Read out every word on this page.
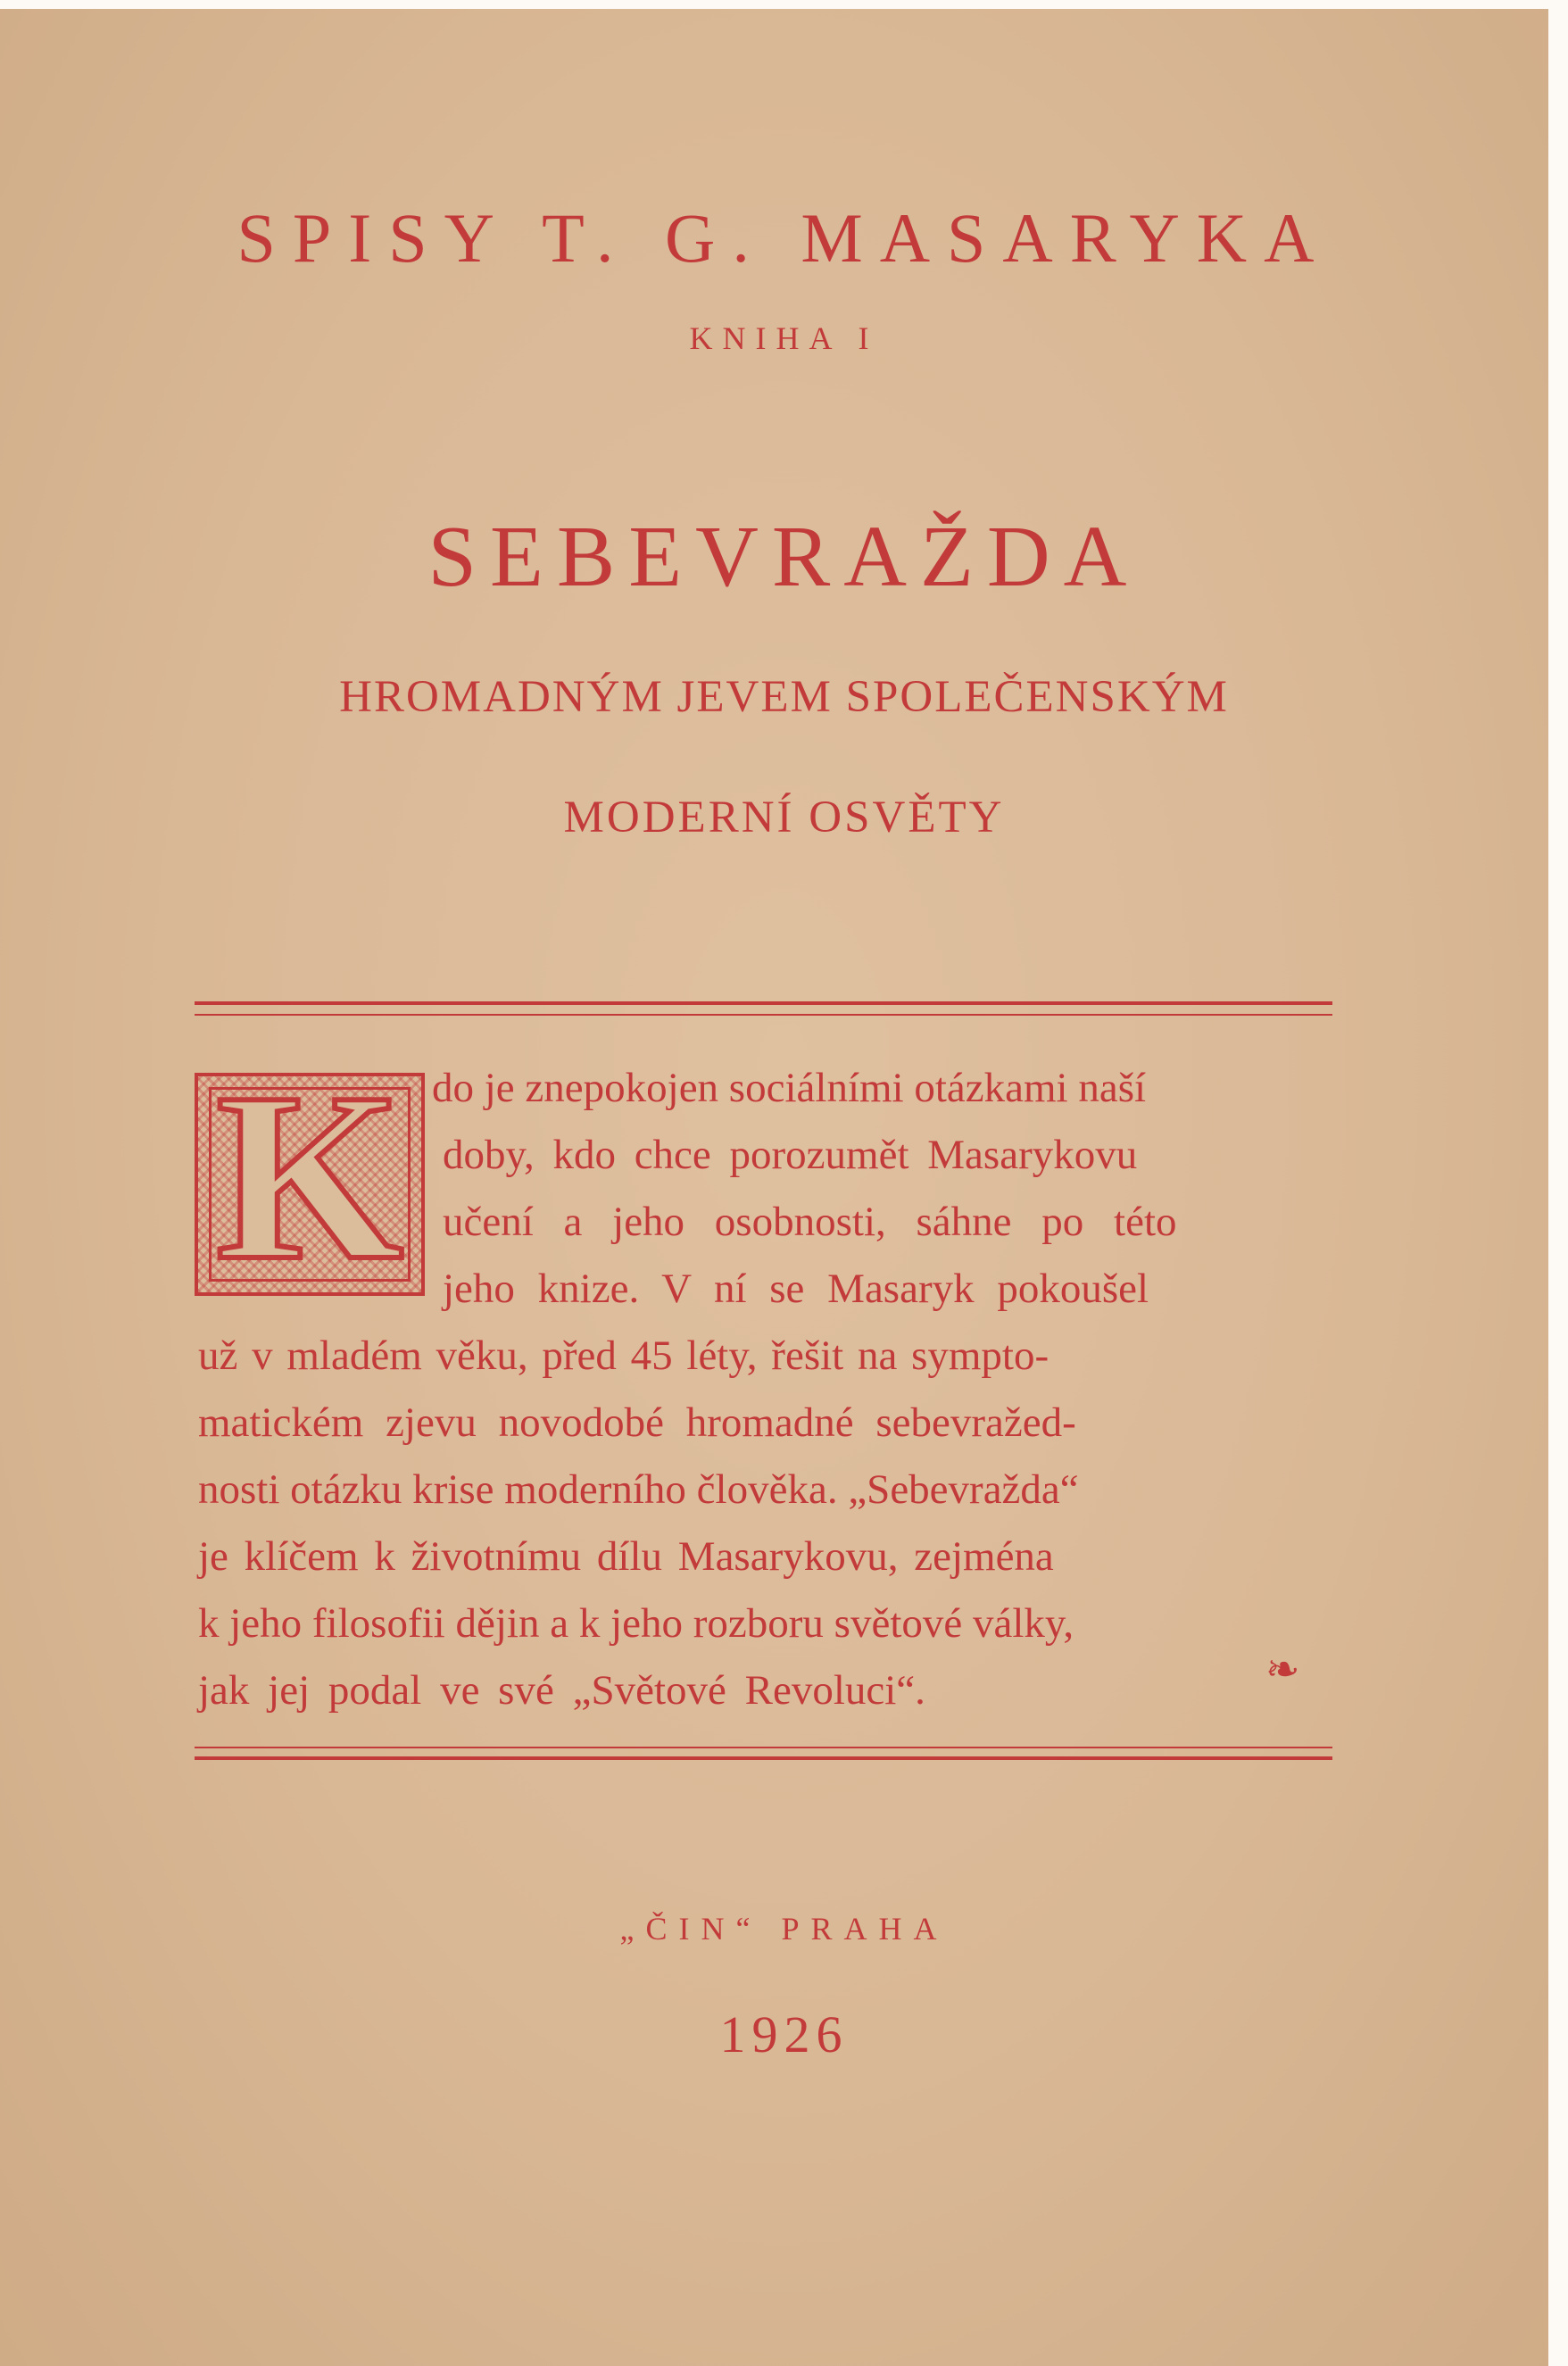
SPISY T. G. MASARYKA
KNIHA I
SEBEVRAŽDA
HROMADNÝM JEVEM SPOLEČENSKÝM
MODERNÍ OSVĚTY
K do je znepokojen sociálními otázkami naší
doby, kdo chce porozumět Masarykovu
učení a jeho osobnosti, sáhne po této
jeho knize. V ní se Masaryk pokoušel
už v mladém věku, před 45 léty, řešit na sympto-
matickém zjevu novodobé hromadné sebevražed-
nosti otázku krise moderního člověka. „Sebevražda“
je klíčem k životnímu dílu Masarykovu, zejména
k jeho filosofii dějin a k jeho rozboru světové války,
jak jej podal ve své „Světové Revoluci“.	❧
„ČIN“ PRAHA
1926
